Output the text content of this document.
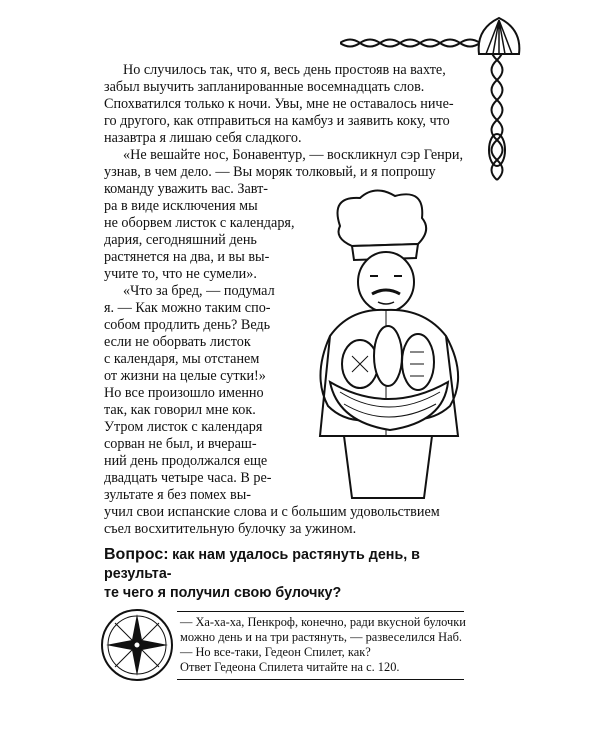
Но случилось так, что я, весь день простояв на вахте,
забыл выучить запланированные восемнадцать слов.
Спохватился только к ночи. Увы, мне не оставалось ниче-
го другого, как отправиться на камбуз и заявить коку, что
назавтра я лишаю себя сладкого.
«Не вешайте нос, Бонавентур, — воскликнул сэр Генри,
узнав, в чем дело. — Вы моряк толковый, и я попрошу
команду уважить вас. Завт-
ра в виде исключения мы
не оборвем листок с календаря,
дария, сегодняшний день
растянется на два, и вы вы-
учите то, что не сумели».
«Что за бред, — подумал
я. — Как можно таким спо-
собом продлить день? Ведь
если не оборвать листок
с календаря, мы отстанем
от жизни на целые сутки!»
Но все произошло именно
так, как говорил мне кок.
Утром листок с календаря
сорван не был, и вчераш-
ний день продолжался еще
двадцать четыре часа. В ре-
зультате я без помех вы-
учил свои испанские слова и с большим удовольствием
съел восхитительную булочку за ужином.
Вопрос: как нам удалось растянуть день, в результа-
те чего я получил свою булочку?
— Ха-ха-ха, Пенкроф, конечно, ради вкусной булочки
можно день и на три растянуть, — развеселился Наб.
— Но все-таки, Гедеон Спилет, как?
Ответ Гедеона Спилета читайте на с. 120.
